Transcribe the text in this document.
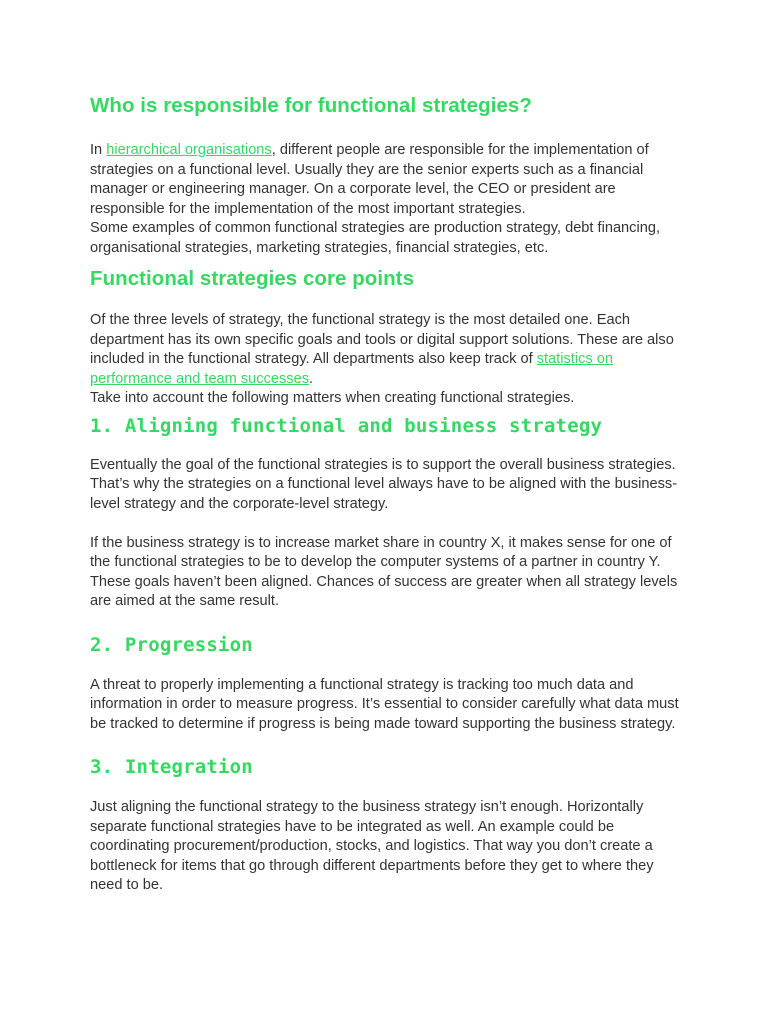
Who is responsible for functional strategies?

In hierarchical organisations, different people are responsible for the implementation of strategies on a functional level. Usually they are the senior experts such as a financial manager or engineering manager. On a corporate level, the CEO or president are responsible for the implementation of the most important strategies.

Some examples of common functional strategies are production strategy, debt financing, organisational strategies, marketing strategies, financial strategies, etc.

Functional strategies core points

Of the three levels of strategy, the functional strategy is the most detailed one. Each department has its own specific goals and tools or digital support solutions. These are also included in the functional strategy. All departments also keep track of statistics on performance and team successes.

Take into account the following matters when creating functional strategies.

1. Aligning functional and business strategy

Eventually the goal of the functional strategies is to support the overall business strategies. That’s why the strategies on a functional level always have to be aligned with the business-level strategy and the corporate-level strategy.

If the business strategy is to increase market share in country X, it makes sense for one of the functional strategies to be to develop the computer systems of a partner in country Y. These goals haven’t been aligned. Chances of success are greater when all strategy levels are aimed at the same result.

2. Progression

A threat to properly implementing a functional strategy is tracking too much data and information in order to measure progress. It’s essential to consider carefully what data must be tracked to determine if progress is being made toward supporting the business strategy.

3. Integration

Just aligning the functional strategy to the business strategy isn’t enough. Horizontally separate functional strategies have to be integrated as well. An example could be coordinating procurement/production, stocks, and logistics. That way you don’t create a bottleneck for items that go through different departments before they get to where they need to be.
